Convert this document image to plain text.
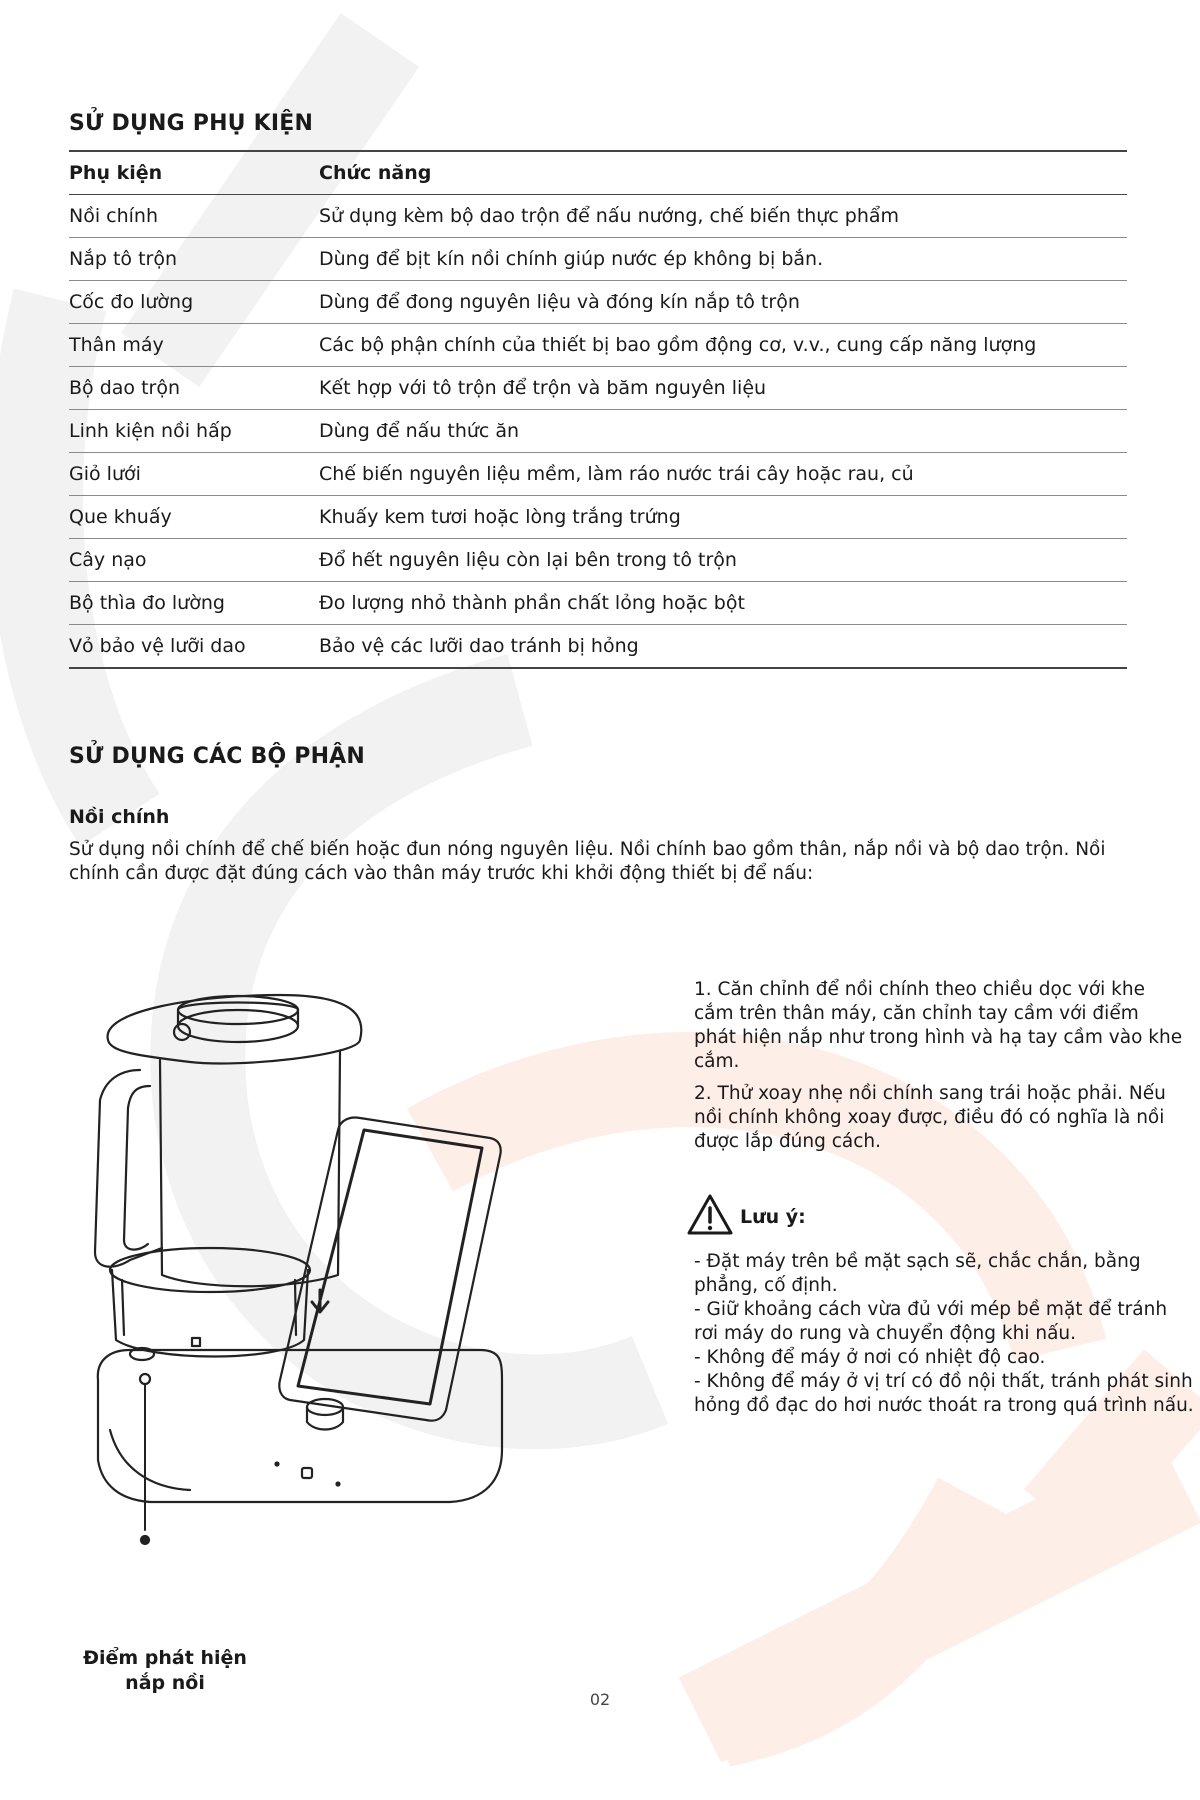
SỬ DỤNG PHỤ KIỆN
Phụ kiện	Chức năng
Nồi chính	Sử dụng kèm bộ dao trộn để nấu nướng, chế biến thực phẩm
Nắp tô trộn	Dùng để bịt kín nồi chính giúp nước ép không bị bắn.
Cốc đo lường	Dùng để đong nguyên liệu và đóng kín nắp tô trộn
Thân máy	Các bộ phận chính của thiết bị bao gồm động cơ, v.v., cung cấp năng lượng
Bộ dao trộn	Kết hợp với tô trộn để trộn và băm nguyên liệu
Linh kiện nồi hấp	Dùng để nấu thức ăn
Giỏ lưới	Chế biến nguyên liệu mềm, làm ráo nước trái cây hoặc rau, củ
Que khuấy	Khuấy kem tươi hoặc lòng trắng trứng
Cây nạo	Đổ hết nguyên liệu còn lại bên trong tô trộn
Bộ thìa đo lường	Đo lượng nhỏ thành phần chất lỏng hoặc bột
Vỏ bảo vệ lưỡi dao	Bảo vệ các lưỡi dao tránh bị hỏng
SỬ DỤNG CÁC BỘ PHẬN
Nồi chính
Sử dụng nồi chính để chế biến hoặc đun nóng nguyên liệu. Nồi chính bao gồm thân, nắp nồi và bộ dao trộn. Nồi chính cần được đặt đúng cách vào thân máy trước khi khởi động thiết bị để nấu:
Điểm phát hiện
nắp nồi

1. Căn chỉnh để nồi chính theo chiều dọc với khe cắm trên thân máy, căn chỉnh tay cầm với điểm phát hiện nắp như trong hình và hạ tay cầm vào khe cắm.

2. Thử xoay nhẹ nồi chính sang trái hoặc phải. Nếu nồi chính không xoay được, điều đó có nghĩa là nồi được lắp đúng cách.

Lưu ý:
- Đặt máy trên bề mặt sạch sẽ, chắc chắn, bằng phẳng, cố định.
- Giữ khoảng cách vừa đủ với mép bề mặt để tránh rơi máy do rung và chuyển động khi nấu.
- Không để máy ở nơi có nhiệt độ cao.
- Không để máy ở vị trí có đồ nội thất, tránh phát sinh hỏng đồ đạc do hơi nước thoát ra trong quá trình nấu.
02
